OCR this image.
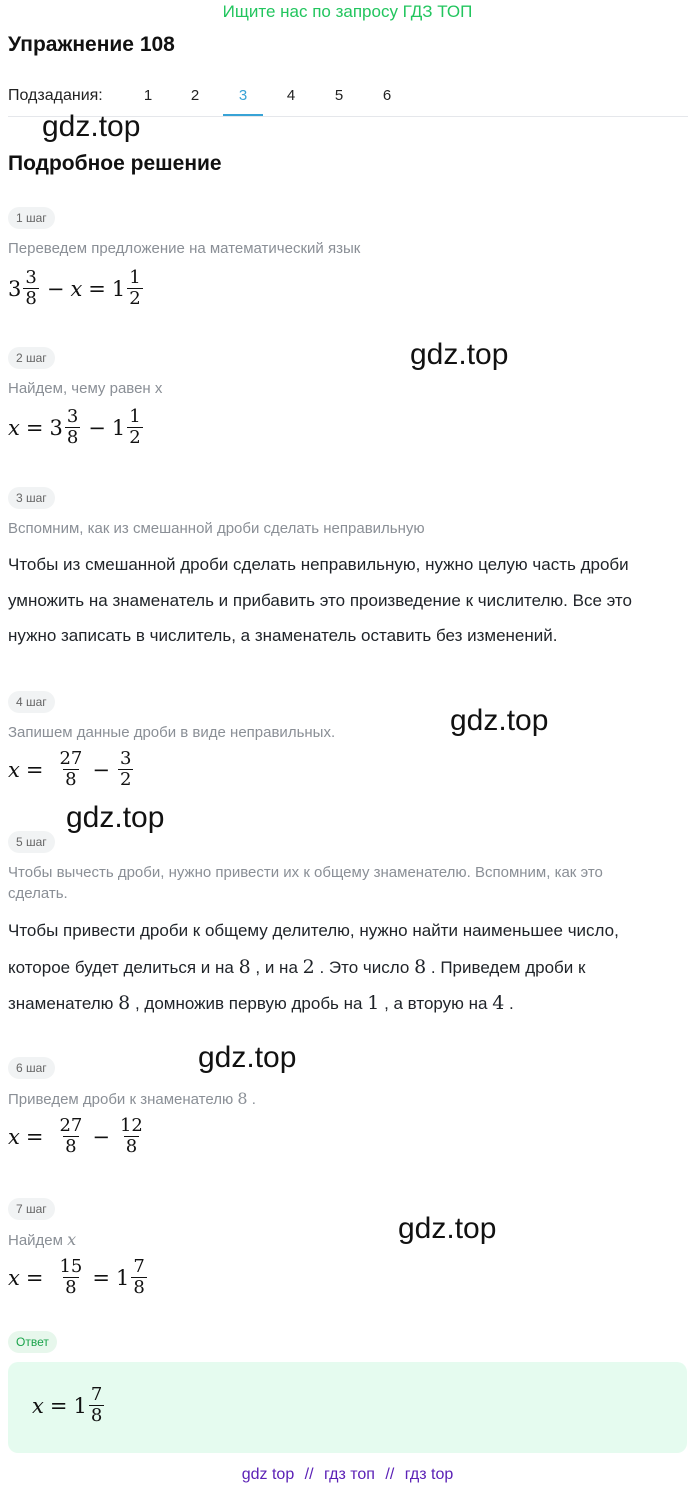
Ищите нас по запросу ГДЗ ТОП
Упражнение 108
Подзадания:	1	2	3	4	5	6
gdz.top
Подробное решение
1 шаг
Переведем предложение на математический язык
$3 \frac{3}{8} - x = 1 \frac{1}{2}$
2 шаг	gdz.top
Найдем, чему равен x
$x = 3 \frac{3}{8} - 1 \frac{1}{2}$
3 шаг
Вспомним, как из смешанной дроби сделать неправильную
Чтобы из смешанной дроби сделать неправильную, нужно целую часть дроби
умножить на знаменатель и прибавить это произведение к числителю. Все это
нужно записать в числитель, а знаменатель оставить без изменений.
4 шаг
gdz.top
Запишем данные дроби в виде неправильных.
$x = \frac{27}{8} - \frac{3}{2}$
gdz.top
5 шаг
Чтобы вычесть дроби, нужно привести их к общему знаменателю. Вспомним, как это
сделать.
Чтобы привести дроби к общему делителю, нужно найти наименьшее число,
которое будет делиться и на 8 , и на 2 . Это число 8 . Приведем дроби к
знаменателю 8 , домножив первую дробь на 1 , а вторую на 4 .
gdz.top
6 шаг
Приведем дроби к знаменателю 8 .
$x = \frac{27}{8} - \frac{12}{8}$
7 шаг
gdz.top
Найдем x
$x = \frac{15}{8} = 1 \frac{7}{8}$
Ответ
$x = 1 \frac{7}{8}$
gdz top // гдз топ // гдз top
